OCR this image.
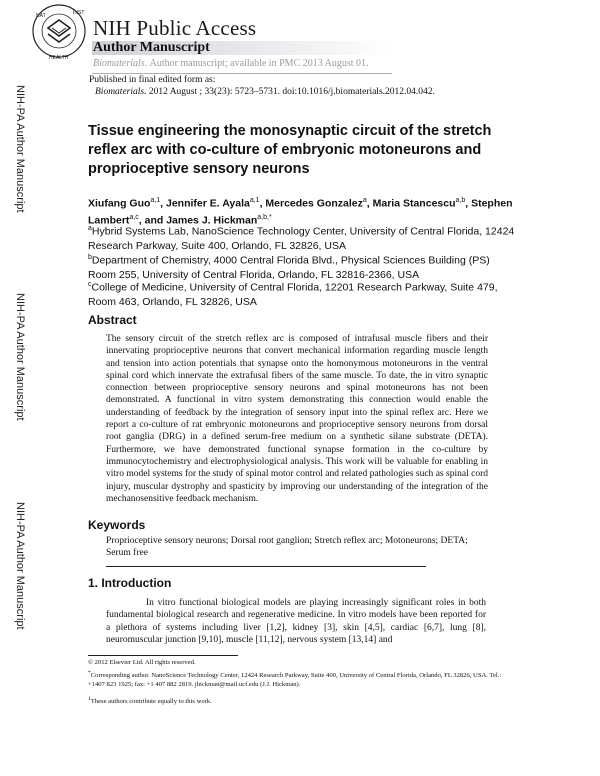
NAT	INST
HEALTH
NIH Public Access
Author Manuscript
Biomaterials. Author manuscript; available in PMC 2013 August 01.
Published in final edited form as:
Biomaterials. 2012 August ; 33(23): 5723–5731. doi:10.1016/j.biomaterials.2012.04.042.
NIH-PA Author Manuscript
NIH-PA Author Manuscript
NIH-PA Author Manuscript
Tissue engineering the monosynaptic circuit of the stretch reflex arc with co-culture of embryonic motoneurons and proprioceptive sensory neurons
Xiufang Guo$^{a,1}$, Jennifer E. Ayala$^{a,1}$, Mercedes Gonzalez$^a$, Maria Stancescu$^{a,b}$, Stephen Lambert$^{a,c}$, and James J. Hickman$^{a,b,*}$
$^a$Hybrid Systems Lab, NanoScience Technology Center, University of Central Florida, 12424 Research Parkway, Suite 400, Orlando, FL 32826, USA
$^b$Department of Chemistry, 4000 Central Florida Blvd., Physical Sciences Building (PS) Room 255, University of Central Florida, Orlando, FL 32816-2366, USA
$^c$College of Medicine, University of Central Florida, 12201 Research Parkway, Suite 479, Room 463, Orlando, FL 32826, USA
Abstract
The sensory circuit of the stretch reflex arc is composed of intrafusal muscle fibers and their innervating proprioceptive neurons that convert mechanical information regarding muscle length and tension into action potentials that synapse onto the homonymous motoneurons in the ventral spinal cord which innervate the extrafusal fibers of the same muscle. To date, the in vitro synaptic connection between proprioceptive sensory neurons and spinal motoneurons has not been demonstrated. A functional in vitro system demonstrating this connection would enable the understanding of feedback by the integration of sensory input into the spinal reflex arc. Here we report a co-culture of rat embryonic motoneurons and proprioceptive sensory neurons from dorsal root ganglia (DRG) in a defined serum-free medium on a synthetic silane substrate (DETA). Furthermore, we have demonstrated functional synapse formation in the co-culture by immunocytochemistry and electrophysiological analysis. This work will be valuable for enabling in vitro model systems for the study of spinal motor control and related pathologies such as spinal cord injury, muscular dystrophy and spasticity by improving our understanding of the integration of the mechanosensitive feedback mechanism.
Keywords
Proprioceptive sensory neurons; Dorsal root ganglion; Stretch reflex arc; Motoneurons; DETA; Serum free
1. Introduction
In vitro functional biological models are playing increasingly significant roles in both fundamental biological research and regenerative medicine. In vitro models have been reported for a plethora of systems including liver [1,2], kidney [3], skin [4,5], cardiac [6,7], lung [8], neuromuscular junction [9,10], muscle [11,12], nervous system [13,14] and
© 2012 Elsevier Ltd. All rights reserved.
*Corresponding author. NanoScience Technology Center, 12424 Research Parkway, Suite 400, University of Central Florida, Orlando, FL 32826, USA. Tel.: +1407 823 1925; fax: +1 407 882 2819. jhickman@mail.ucf.edu (J.J. Hickman).
$^1$These authors contribute equally to this work.
